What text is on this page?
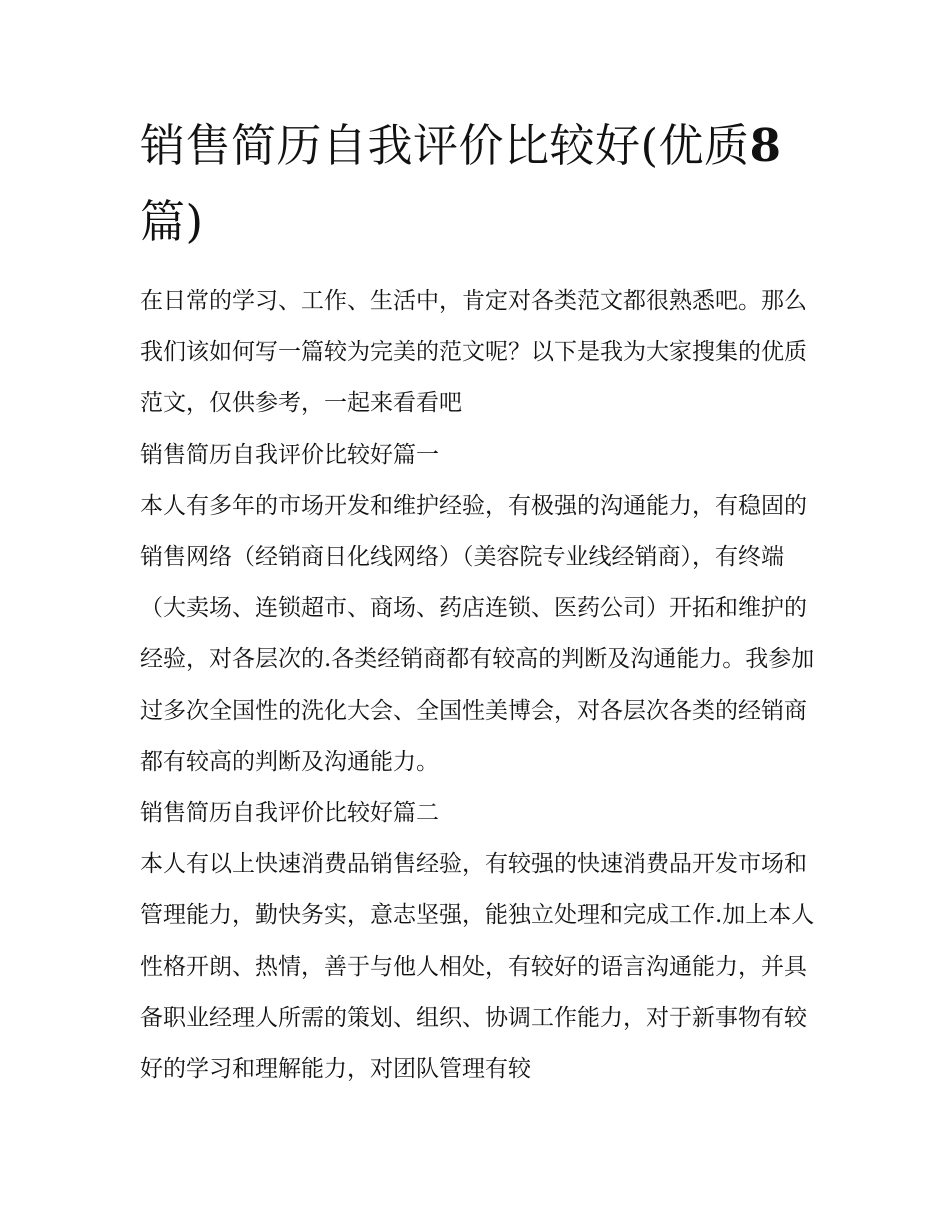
销售简历自我评价比较好(优质8 篇)

在日常的学习、工作、生活中，肯定对各类范文都很熟悉吧。那么我们该如何写一篇较为完美的范文呢？以下是我为大家搜集的优质范文，仅供参考，一起来看看吧

销售简历自我评价比较好篇一

本人有多年的市场开发和维护经验，有极强的沟通能力，有稳固的销售网络（经销商日化线网络）（美容院专业线经销商），有终端（大卖场、连锁超市、商场、药店连锁、医药公司）开拓和维护的经验，对各层次的.各类经销商都有较高的判断及沟通能力。我参加过多次全国性的洗化大会、全国性美博会，对各层次各类的经销商都有较高的判断及沟通能力。

销售简历自我评价比较好篇二

本人有以上快速消费品销售经验，有较强的快速消费品开发市场和管理能力，勤快务实，意志坚强，能独立处理和完成工作.加上本人性格开朗、热情，善于与他人相处，有较好的语言沟通能力，并具备职业经理人所需的策划、组织、协调工作能力，对于新事物有较好的学习和理解能力，对团队管理有较
